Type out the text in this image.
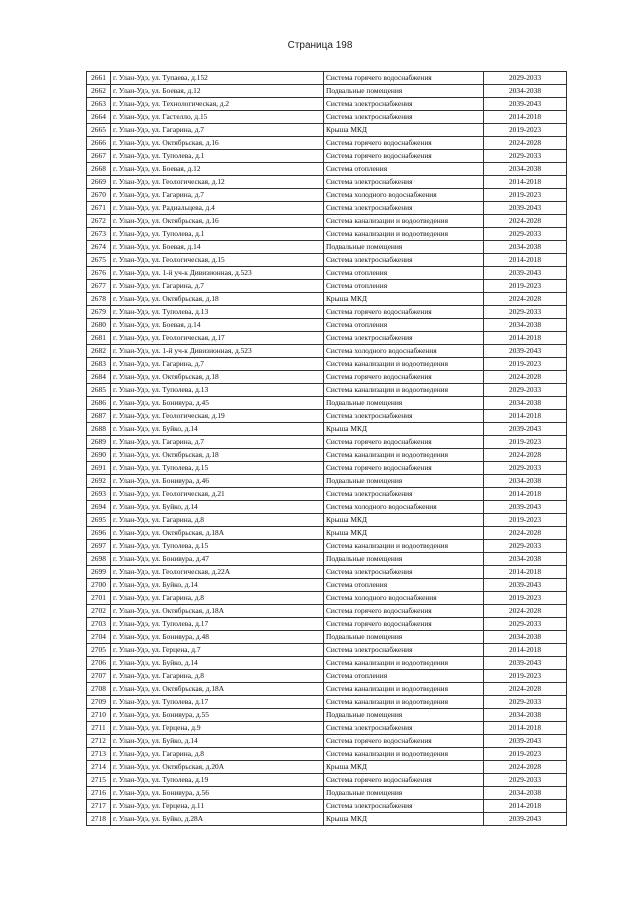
Страница 198
2661	г. Улан-Удэ, ул. Тупаева, д.152	Система горячего водоснабжения	2029-2033
2662	г. Улан-Удэ, ул. Боевая, д.12	Подвальные помещения	2034-2038
2663	г. Улан-Удэ, ул. Технологическая, д.2	Система электроснабжения	2039-2043
2664	г. Улан-Удэ, ул. Гастелло, д.15	Система электроснабжения	2014-2018
2665	г. Улан-Удэ, ул. Гагарина, д.7	Крыша МКД	2019-2023
2666	г. Улан-Удэ, ул. Октябрьская, д.16	Система горячего водоснабжения	2024-2028
2667	г. Улан-Удэ, ул. Туполева, д.1	Система горячего водоснабжения	2029-2033
2668	г. Улан-Удэ, ул. Боевая, д.12	Система отопления	2034-2038
2669	г. Улан-Удэ, ул. Геологическая, д.12	Система электроснабжения	2014-2018
2670	г. Улан-Удэ, ул. Гагарина, д.7	Система холодного водоснабжения	2019-2023
2671	г. Улан-Удэ, ул. Радиальцева, д.4	Система электроснабжения	2039-2043
2672	г. Улан-Удэ, ул. Октябрьская, д.16	Система канализации и водоотведения	2024-2028
2673	г. Улан-Удэ, ул. Туполева, д.1	Система канализации и водоотведения	2029-2033
2674	г. Улан-Удэ, ул. Боевая, д.14	Подвальные помещения	2034-2038
2675	г. Улан-Удэ, ул. Геологическая, д.15	Система электроснабжения	2014-2018
2676	г. Улан-Удэ, ул. 1-й уч-к Дивизионная, д.523	Система отопления	2039-2043
2677	г. Улан-Удэ, ул. Гагарина, д.7	Система отопления	2019-2023
2678	г. Улан-Удэ, ул. Октябрьская, д.18	Крыша МКД	2024-2028
2679	г. Улан-Удэ, ул. Туполева, д.13	Система горячего водоснабжения	2029-2033
2680	г. Улан-Удэ, ул. Боевая, д.14	Система отопления	2034-2038
2681	г. Улан-Удэ, ул. Геологическая, д.17	Система электроснабжения	2014-2018
2682	г. Улан-Удэ, ул. 1-й уч-к Дивизионная, д.523	Система холодного водоснабжения	2039-2043
2683	г. Улан-Удэ, ул. Гагарина, д.7	Система канализации и водоотведения	2019-2023
2684	г. Улан-Удэ, ул. Октябрьская, д.18	Система горячего водоснабжения	2024-2028
2685	г. Улан-Удэ, ул. Туполева, д.13	Система канализации и водоотведения	2029-2033
2686	г. Улан-Удэ, ул. Бонивура, д.45	Подвальные помещения	2034-2038
2687	г. Улан-Удэ, ул. Геологическая, д.19	Система электроснабжения	2014-2018
2688	г. Улан-Удэ, ул. Буйко, д.14	Крыша МКД	2039-2043
2689	г. Улан-Удэ, ул. Гагарина, д.7	Система горячего водоснабжения	2019-2023
2690	г. Улан-Удэ, ул. Октябрьская, д.18	Система канализации и водоотведения	2024-2028
2691	г. Улан-Удэ, ул. Туполева, д.15	Система горячего водоснабжения	2029-2033
2692	г. Улан-Удэ, ул. Бонивура, д.46	Подвальные помещения	2034-2038
2693	г. Улан-Удэ, ул. Геологическая, д.21	Система электроснабжения	2014-2018
2694	г. Улан-Удэ, ул. Буйко, д.14	Система холодного водоснабжения	2039-2043
2695	г. Улан-Удэ, ул. Гагарина, д.8	Крыша МКД	2019-2023
2696	г. Улан-Удэ, ул. Октябрьская, д.18А	Крыша МКД	2024-2028
2697	г. Улан-Удэ, ул. Туполева, д.15	Система канализации и водоотведения	2029-2033
2698	г. Улан-Удэ, ул. Бонивура, д.47	Подвальные помещения	2034-2038
2699	г. Улан-Удэ, ул. Геологическая, д.22А	Система электроснабжения	2014-2018
2700	г. Улан-Удэ, ул. Буйко, д.14	Система отопления	2039-2043
2701	г. Улан-Удэ, ул. Гагарина, д.8	Система холодного водоснабжения	2019-2023
2702	г. Улан-Удэ, ул. Октябрьская, д.18А	Система горячего водоснабжения	2024-2028
2703	г. Улан-Удэ, ул. Туполева, д.17	Система горячего водоснабжения	2029-2033
2704	г. Улан-Удэ, ул. Бонивура, д.48	Подвальные помещения	2034-2038
2705	г. Улан-Удэ, ул. Герцена, д.7	Система электроснабжения	2014-2018
2706	г. Улан-Удэ, ул. Буйко, д.14	Система канализации и водоотведения	2039-2043
2707	г. Улан-Удэ, ул. Гагарина, д.8	Система отопления	2019-2023
2708	г. Улан-Удэ, ул. Октябрьская, д.18А	Система канализации и водоотведения	2024-2028
2709	г. Улан-Удэ, ул. Туполева, д.17	Система канализации и водоотведения	2029-2033
2710	г. Улан-Удэ, ул. Бонивура, д.55	Подвальные помещения	2034-2038
2711	г. Улан-Удэ, ул. Герцена, д.9	Система электроснабжения	2014-2018
2712	г. Улан-Удэ, ул. Буйко, д.14	Система горячего водоснабжения	2039-2043
2713	г. Улан-Удэ, ул. Гагарина, д.8	Система канализации и водоотведения	2019-2023
2714	г. Улан-Удэ, ул. Октябрьская, д.20А	Крыша МКД	2024-2028
2715	г. Улан-Удэ, ул. Туполева, д.19	Система горячего водоснабжения	2029-2033
2716	г. Улан-Удэ, ул. Бонивура, д.56	Подвальные помещения	2034-2038
2717	г. Улан-Удэ, ул. Герцена, д.11	Система электроснабжения	2014-2018
2718	г. Улан-Удэ, ул. Буйко, д.28А	Крыша МКД	2039-2043
